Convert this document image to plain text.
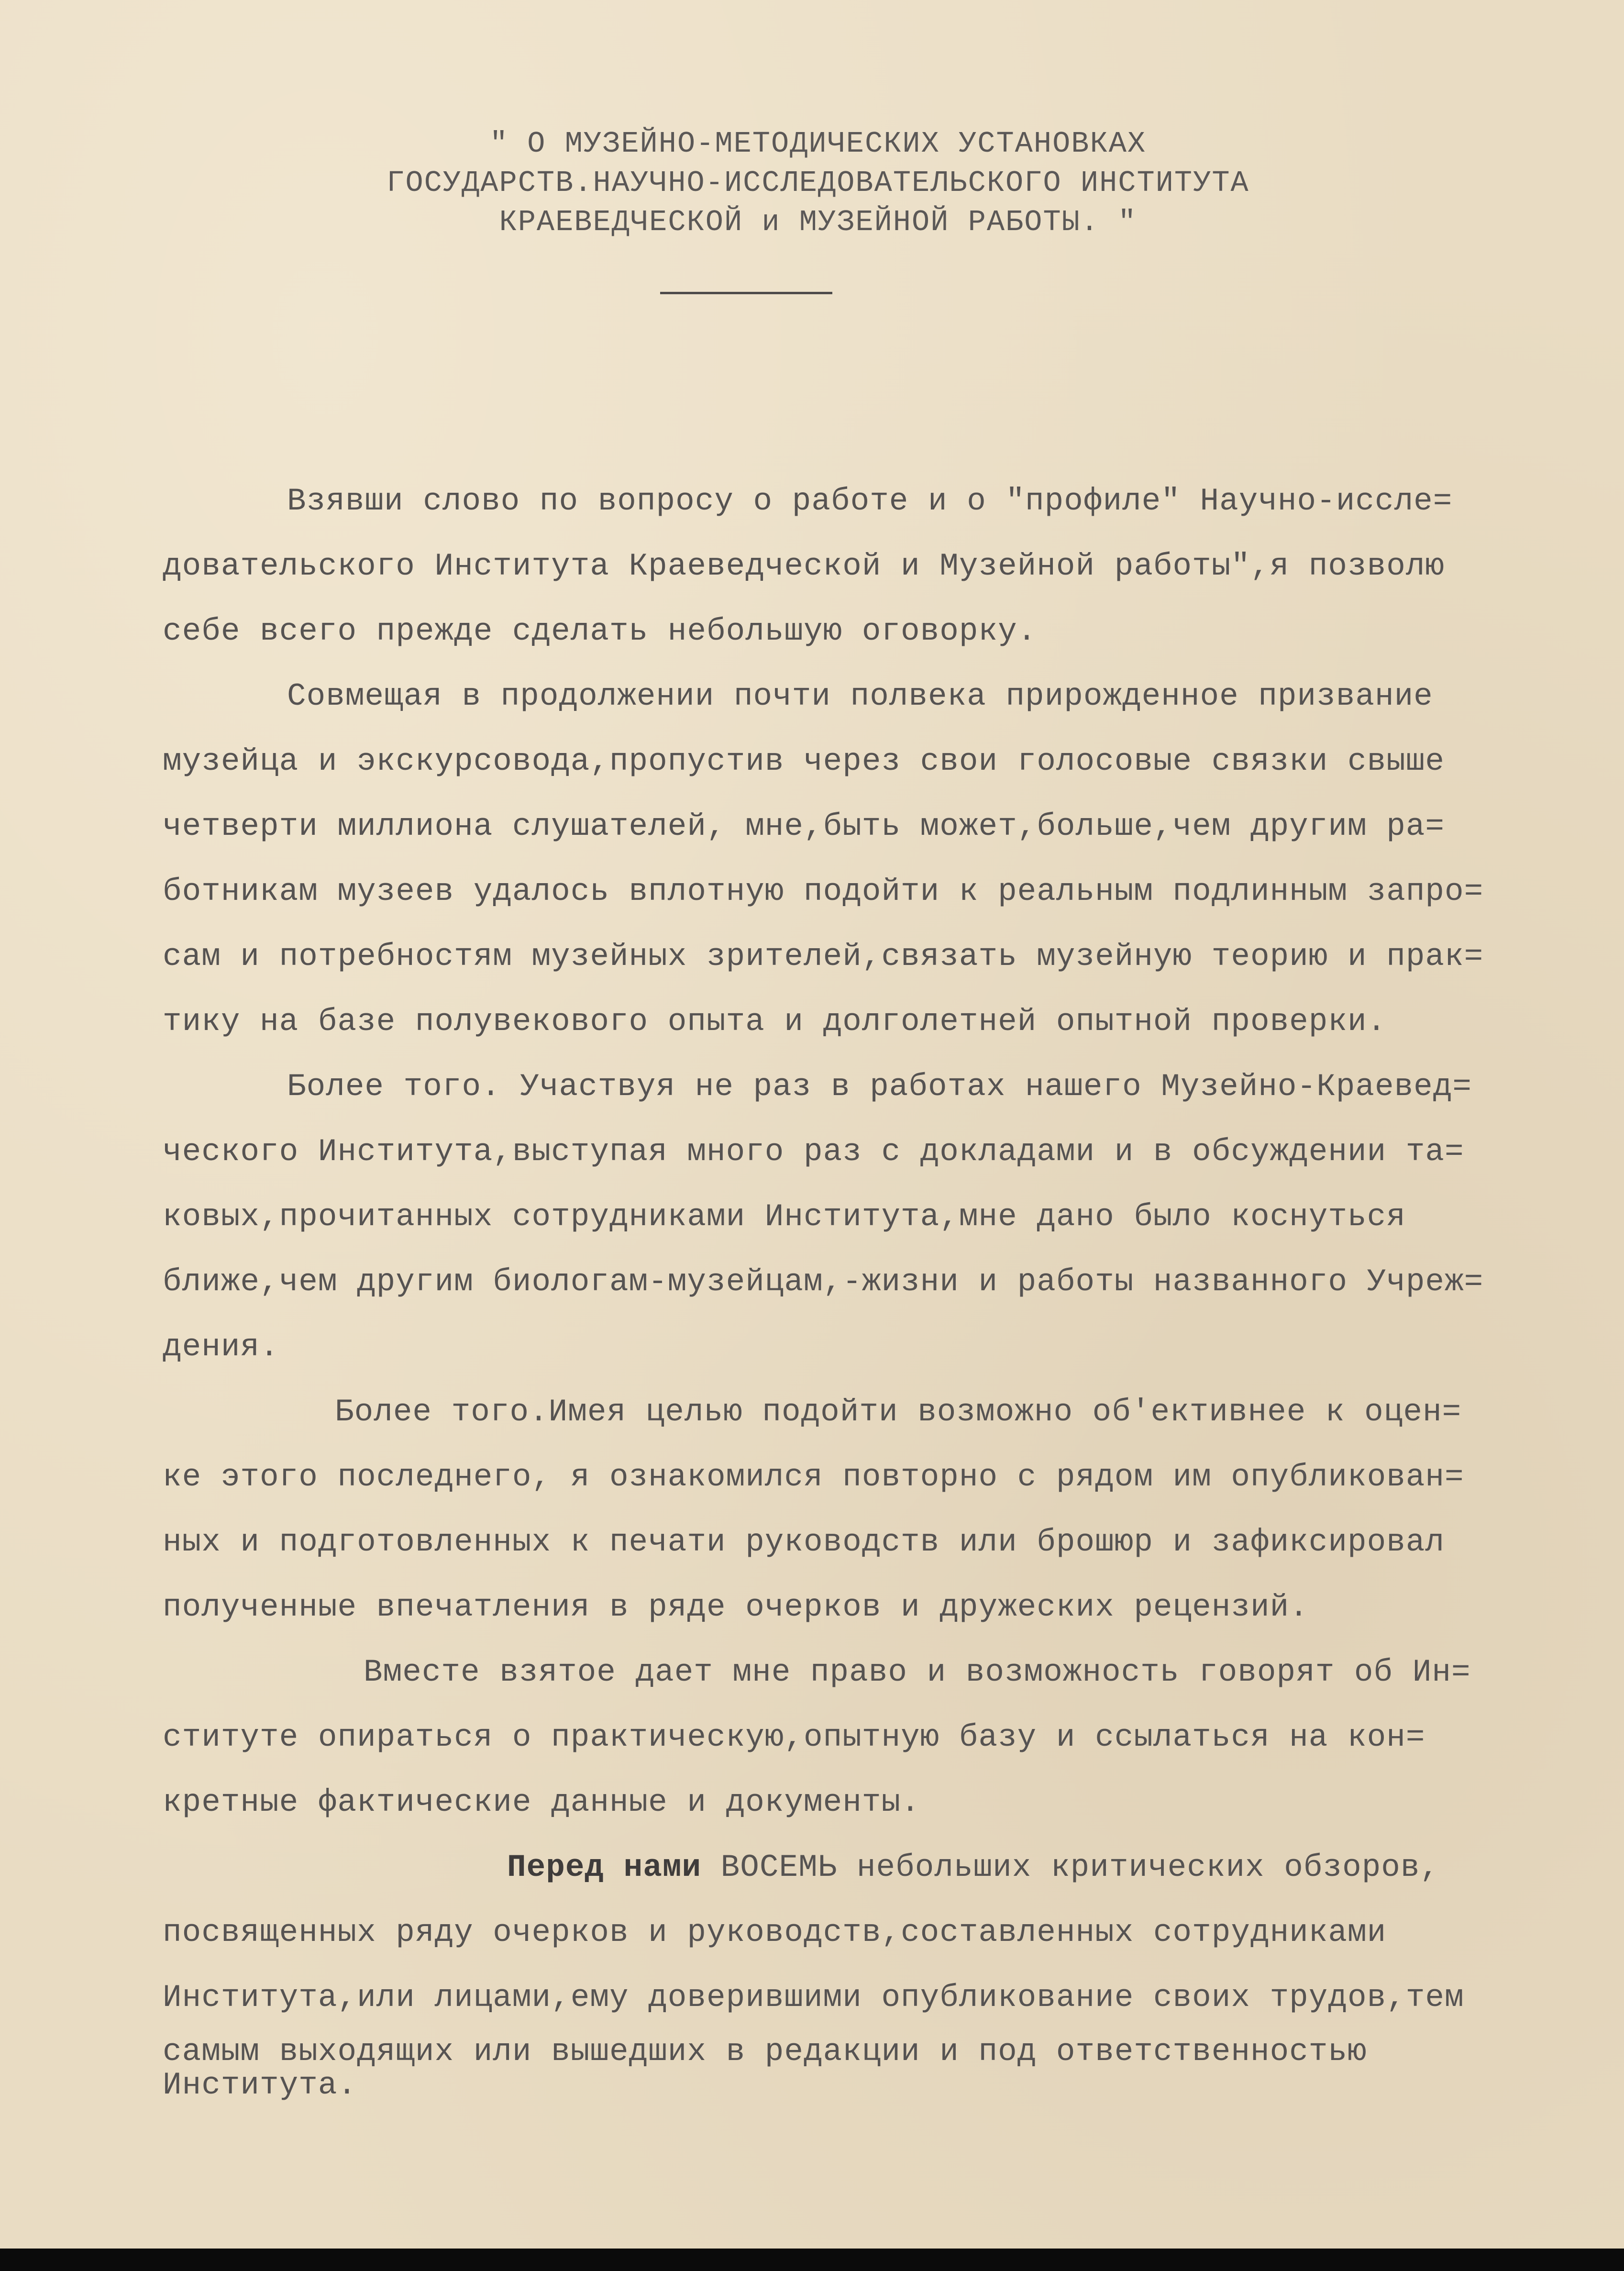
" О МУЗЕЙНО-МЕТОДИЧЕСКИХ УСТАНОВКАХ
ГОСУДАРСТВ.НАУЧНО-ИССЛЕДОВАТЕЛЬСКОГО ИНСТИТУТА
КРАЕВЕДЧЕСКОЙ и МУЗЕЙНОЙ РАБОТЫ. "
Взявши слово по вопросу о работе и о "профиле" Научно-иссле=
довательского Института Краеведческой и Музейной работы",я позволю
себе всего прежде сделать небольшую оговорку.
Совмещая в продолжении почти полвека прирожденное призвание
музейца и экскурсовода,пропустив через свои голосовые связки свыше
четверти миллиона слушателей, мне,быть может,больше,чем другим ра=
ботникам музеев удалось вплотную подойти к реальным подлинным запро=
сам и потребностям музейных зрителей,связать музейную теорию и прак=
тику на базе полувекового опыта и долголетней опытной проверки.
Более того. Участвуя не раз в работах нашего Музейно-Краевед=
ческого Института,выступая много раз с докладами и в обсуждении та=
ковых,прочитанных сотрудниками Института,мне дано было коснуться
ближе,чем другим биологам-музейцам,-жизни и работы названного Учреж=
дения.
Более того.Имея целью подойти возможно об'ективнее к оцен=
ке этого последнего, я ознакомился повторно с рядом им опубликован=
ных и подготовленных к печати руководств или брошюр и зафиксировал
полученные впечатления в ряде очерков и дружеских рецензий.
Вместе взятое дает мне право и возможность говорят об Ин=
ституте опираться о практическую,опытную базу и ссылаться на кон=
кретные фактические данные и документы.
Перед нами ВОСЕМЬ небольших критических обзоров,
посвященных ряду очерков и руководств,составленных сотрудниками
Института,или лицами,ему доверившими опубликование своих трудов,тем
самым выходящих или вышедших в редакции и под ответственностью
Института.
